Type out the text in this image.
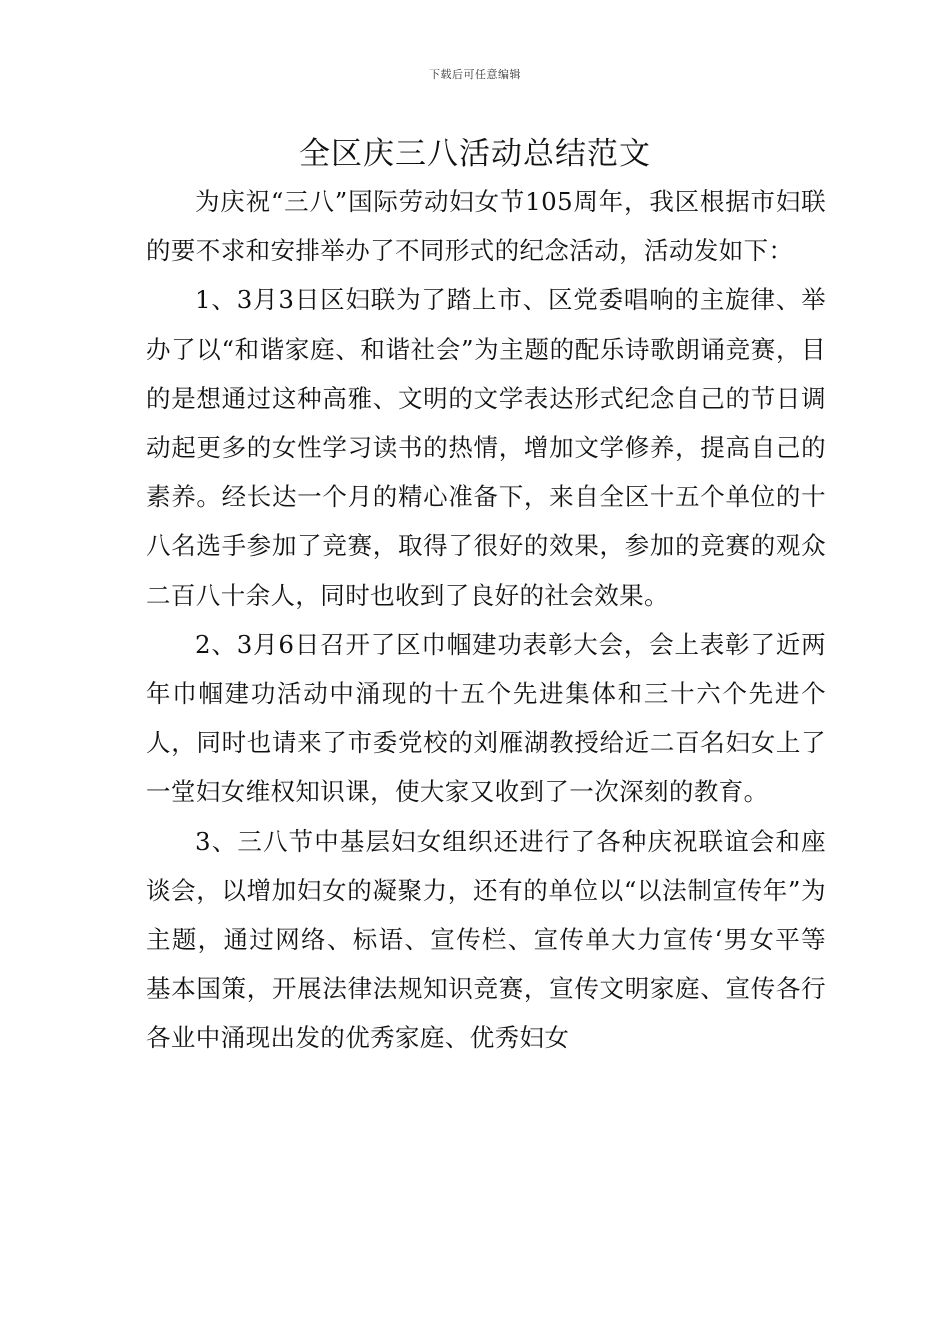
下载后可任意编辑
全区庆三八活动总结范文

为庆祝“三八”国际劳动妇女节105周年，我区根据市妇联的要不求和安排举办了不同形式的纪念活动，活动发如下：

1、3月3日区妇联为了踏上市、区党委唱响的主旋律、举办了以“和谐家庭、和谐社会”为主题的配乐诗歌朗诵竞赛，目的是想通过这种高雅、文明的文学表达形式纪念自己的节日调动起更多的女性学习读书的热情，增加文学修养，提高自己的素养。经长达一个月的精心准备下，来自全区十五个单位的十八名选手参加了竞赛，取得了很好的效果，参加的竞赛的观众二百八十余人，同时也收到了良好的社会效果。

2、3月6日召开了区巾帼建功表彰大会，会上表彰了近两年巾帼建功活动中涌现的十五个先进集体和三十六个先进个人，同时也请来了市委党校的刘雁湖教授给近二百名妇女上了一堂妇女维权知识课，使大家又收到了一次深刻的教育。

3、三八节中基层妇女组织还进行了各种庆祝联谊会和座谈会，以增加妇女的凝聚力，还有的单位以“以法制宣传年”为主题，通过网络、标语、宣传栏、宣传单大力宣传‘男女平等基本国策，开展法律法规知识竞赛，宣传文明家庭、宣传各行各业中涌现出发的优秀家庭、优秀妇女
